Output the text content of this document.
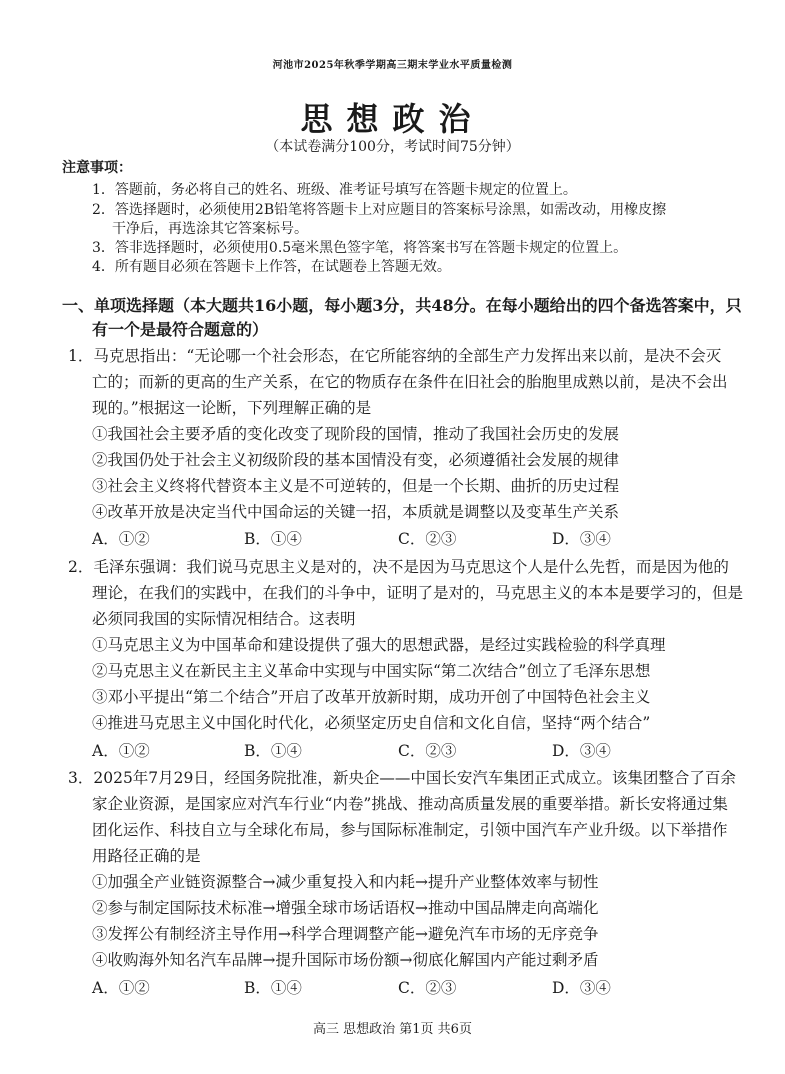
河池市2025年秋季学期高三期末学业水平质量检测
思想政治
（本试卷满分100分，考试时间75分钟）
注意事项：
1．答题前，务必将自己的姓名、班级、准考证号填写在答题卡规定的位置上。
2．答选择题时，必须使用2B铅笔将答题卡上对应题目的答案标号涂黑，如需改动，用橡皮擦
干净后，再选涂其它答案标号。
3．答非选择题时，必须使用0.5毫米黑色签字笔，将答案书写在答题卡规定的位置上。
4．所有题目必须在答题卡上作答，在试题卷上答题无效。
一、单项选择题（本大题共16小题，每小题3分，共48分。在每小题给出的四个备选答案中，只
有一个是最符合题意的）
1．马克思指出：“无论哪一个社会形态，在它所能容纳的全部生产力发挥出来以前，是决不会灭
亡的；而新的更高的生产关系，在它的物质存在条件在旧社会的胎胞里成熟以前，是决不会出
现的。”根据这一论断，下列理解正确的是
①我国社会主要矛盾的变化改变了现阶段的国情，推动了我国社会历史的发展
②我国仍处于社会主义初级阶段的基本国情没有变，必须遵循社会发展的规律
③社会主义终将代替资本主义是不可逆转的，但是一个长期、曲折的历史过程
④改革开放是决定当代中国命运的关键一招，本质就是调整以及变革生产关系
A．①②	B．①④	C．②③	D．③④
2．毛泽东强调：我们说马克思主义是对的，决不是因为马克思这个人是什么先哲，而是因为他的
理论，在我们的实践中，在我们的斗争中，证明了是对的，马克思主义的本本是要学习的，但是
必须同我国的实际情况相结合。这表明
①马克思主义为中国革命和建设提供了强大的思想武器，是经过实践检验的科学真理
②马克思主义在新民主主义革命中实现与中国实际“第二次结合”创立了毛泽东思想
③邓小平提出“第二个结合”开启了改革开放新时期，成功开创了中国特色社会主义
④推进马克思主义中国化时代化，必须坚定历史自信和文化自信，坚持“两个结合”
A．①②	B．①④	C．②③	D．③④
3．2025年7月29日，经国务院批准，新央企——中国长安汽车集团正式成立。该集团整合了百余
家企业资源，是国家应对汽车行业“内卷”挑战、推动高质量发展的重要举措。新长安将通过集
团化运作、科技自立与全球化布局，参与国际标准制定，引领中国汽车产业升级。以下举措作
用路径正确的是
①加强全产业链资源整合→减少重复投入和内耗→提升产业整体效率与韧性
②参与制定国际技术标准→增强全球市场话语权→推动中国品牌走向高端化
③发挥公有制经济主导作用→科学合理调整产能→避免汽车市场的无序竞争
④收购海外知名汽车品牌→提升国际市场份额→彻底化解国内产能过剩矛盾
A．①②	B．①④	C．②③	D．③④
高三 思想政治 第1页 共6页
